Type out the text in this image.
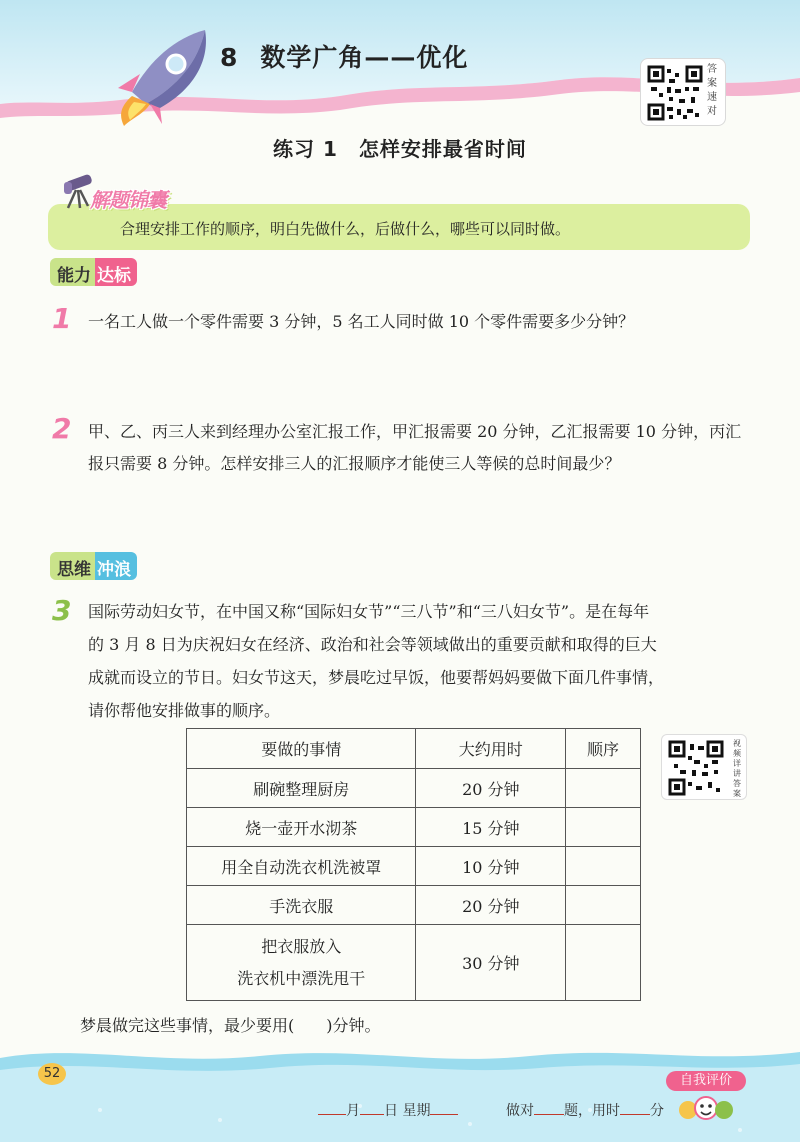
8 数学广角——优化	答案速对
练习 1　怎样安排最省时间
合理安排工作的顺序，明白先做什么，后做什么，哪些可以同时做。
解题锦囊
能力 达标
1 一名工人做一个零件需要 3 分钟，5 名工人同时做 10 个零件需要多少分钟？
2 甲、乙、丙三人来到经理办公室汇报工作，甲汇报需要 20 分钟，乙汇报需要 10 分钟，丙汇
报只需要 8 分钟。怎样安排三人的汇报顺序才能使三人等候的总时间最少？
思维 冲浪
3 国际劳动妇女节，在中国又称“国际妇女节”“三八节”和“三八妇女节”。是在每年
的 3 月 8 日为庆祝妇女在经济、政治和社会等领域做出的重要贡献和取得的巨大
成就而设立的节日。妇女节这天，梦晨吃过早饭，他要帮妈妈要做下面几件事情，
请你帮他安排做事的顺序。
要做的事情	大约用时	顺序
刷碗整理厨房	20 分钟	
烧一壶开水沏茶	15 分钟	
用全自动洗衣机洗被罩	10 分钟	
手洗衣服	20 分钟	

把衣服放入
洗衣机中漂洗甩干	30 分钟	
视频详讲答案
梦晨做完这些事情，最少要用(　　)分钟。
52
月 日 星期	做对 题，用时 分
自我评价
